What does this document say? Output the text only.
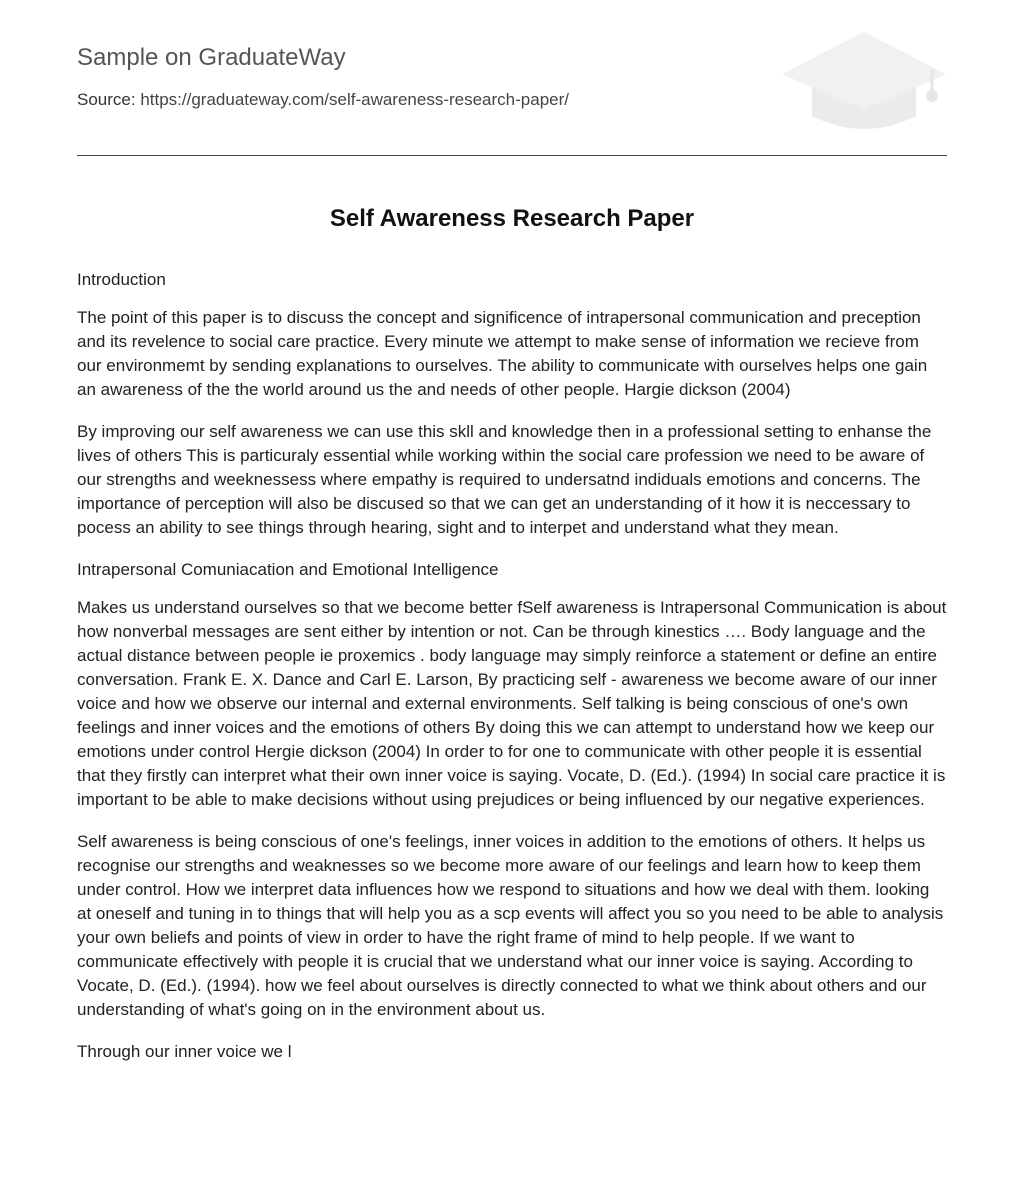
Sample on GraduateWay
Source: https://graduateway.com/self-awareness-research-paper/
Self Awareness Research Paper

Introduction

The point of this paper is to discuss the concept and significence of intrapersonal communication and preception and its revelence to social care practice. Every minute we attempt to make sense of information we recieve from our environmemt by sending explanations to ourselves. The ability to communicate with ourselves helps one gain an awareness of the the world around us the and needs of other people. Hargie dickson (2004)

By improving our self awareness we can use this skll and knowledge then in a professional setting to enhanse the lives of others This is particuraly essential while working within the social care profession we need to be aware of our strengths and weeknessess where empathy is required to undersatnd indiduals emotions and concerns. The importance of perception will also be discused so that we can get an understanding of it how it is neccessary to pocess an ability to see things through hearing, sight and to interpet and understand what they mean.

Intrapersonal Comuniacation and Emotional Intelligence

Makes us understand ourselves so that we become better fSelf awareness is Intrapersonal Communication is about how nonverbal messages are sent either by intention or not. Can be through kinestics …. Body language and the actual distance between people ie proxemics . body language may simply reinforce a statement or define an entire conversation. Frank E. X. Dance and Carl E. Larson, By practicing self - awareness we become aware of our inner voice and how we observe our internal and external environments. Self talking is being conscious of one's own feelings and inner voices and the emotions of others By doing this we can attempt to understand how we keep our emotions under control Hergie dickson (2004) In order to for one to communicate with other people it is essential that they firstly can interpret what their own inner voice is saying. Vocate, D. (Ed.). (1994) In social care practice it is important to be able to make decisions without using prejudices or being influenced by our negative experiences.

Self awareness is being conscious of one's feelings, inner voices in addition to the emotions of others. It helps us recognise our strengths and weaknesses so we become more aware of our feelings and learn how to keep them under control. How we interpret data influences how we respond to situations and how we deal with them. looking at oneself and tuning in to things that will help you as a scp events will affect you so you need to be able to analysis your own beliefs and points of view in order to have the right frame of mind to help people. If we want to communicate effectively with people it is crucial that we understand what our inner voice is saying. According to Vocate, D. (Ed.). (1994). how we feel about ourselves is directly connected to what we think about others and our understanding of what's going on in the environment about us.

Through our inner voice we l
